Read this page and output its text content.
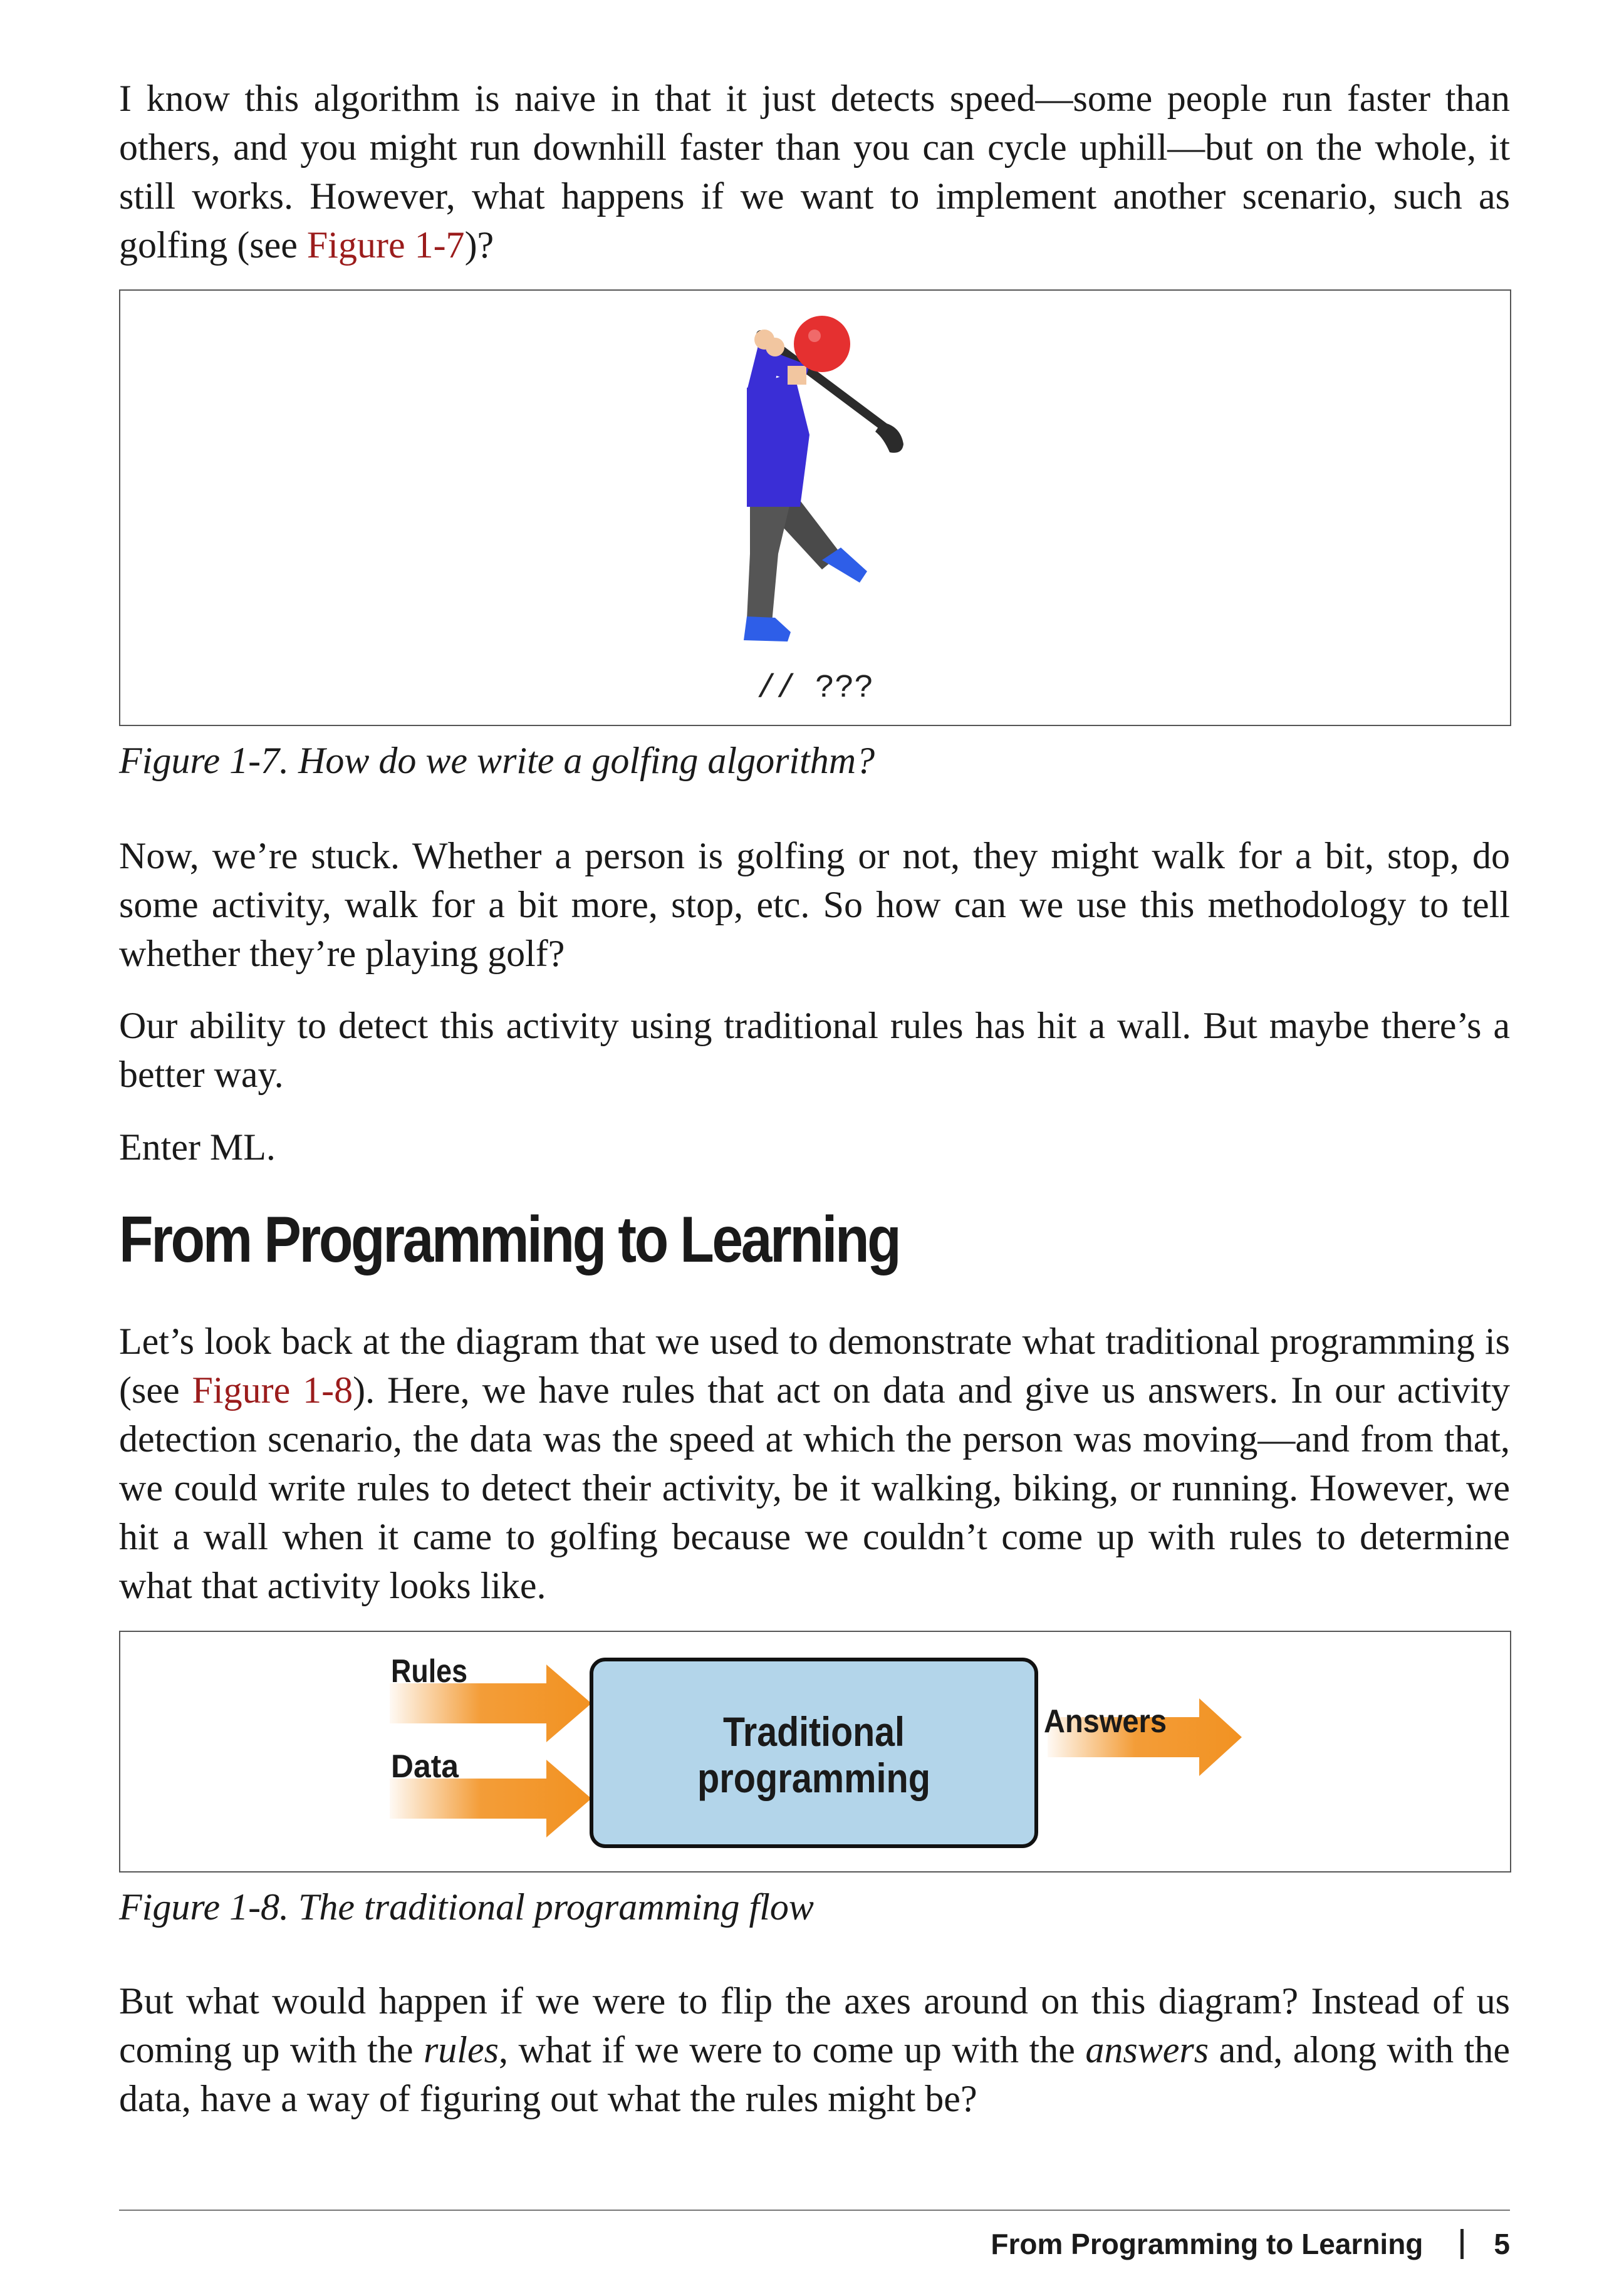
I know this algorithm is naive in that it just detects speed—some people run faster than others, and you might run downhill faster than you can cycle uphill—but on the whole, it still works. However, what happens if we want to implement another scenario, such as golfing (see Figure 1-7)?

// ???

Figure 1-7. How do we write a golfing algorithm?

Now, we’re stuck. Whether a person is golfing or not, they might walk for a bit, stop, do some activity, walk for a bit more, stop, etc. So how can we use this methodology to tell whether they’re playing golf?

Our ability to detect this activity using traditional rules has hit a wall. But maybe there’s a better way.

Enter ML.

From Programming to Learning

Let’s look back at the diagram that we used to demonstrate what traditional programming is (see Figure 1-8). Here, we have rules that act on data and give us answers. In our activity detection scenario, the data was the speed at which the person was moving—and from that, we could write rules to detect their activity, be it walking, biking, or running. However, we hit a wall when it came to golfing because we couldn’t come up with rules to determine what that activity looks like.

Rules
Data
Traditional
programming
Answers

Figure 1-8. The traditional programming flow

But what would happen if we were to flip the axes around on this diagram? Instead of us coming up with the rules, what if we were to come up with the answers and, along with the data, have a way of figuring out what the rules might be?

From Programming to Learning 5
